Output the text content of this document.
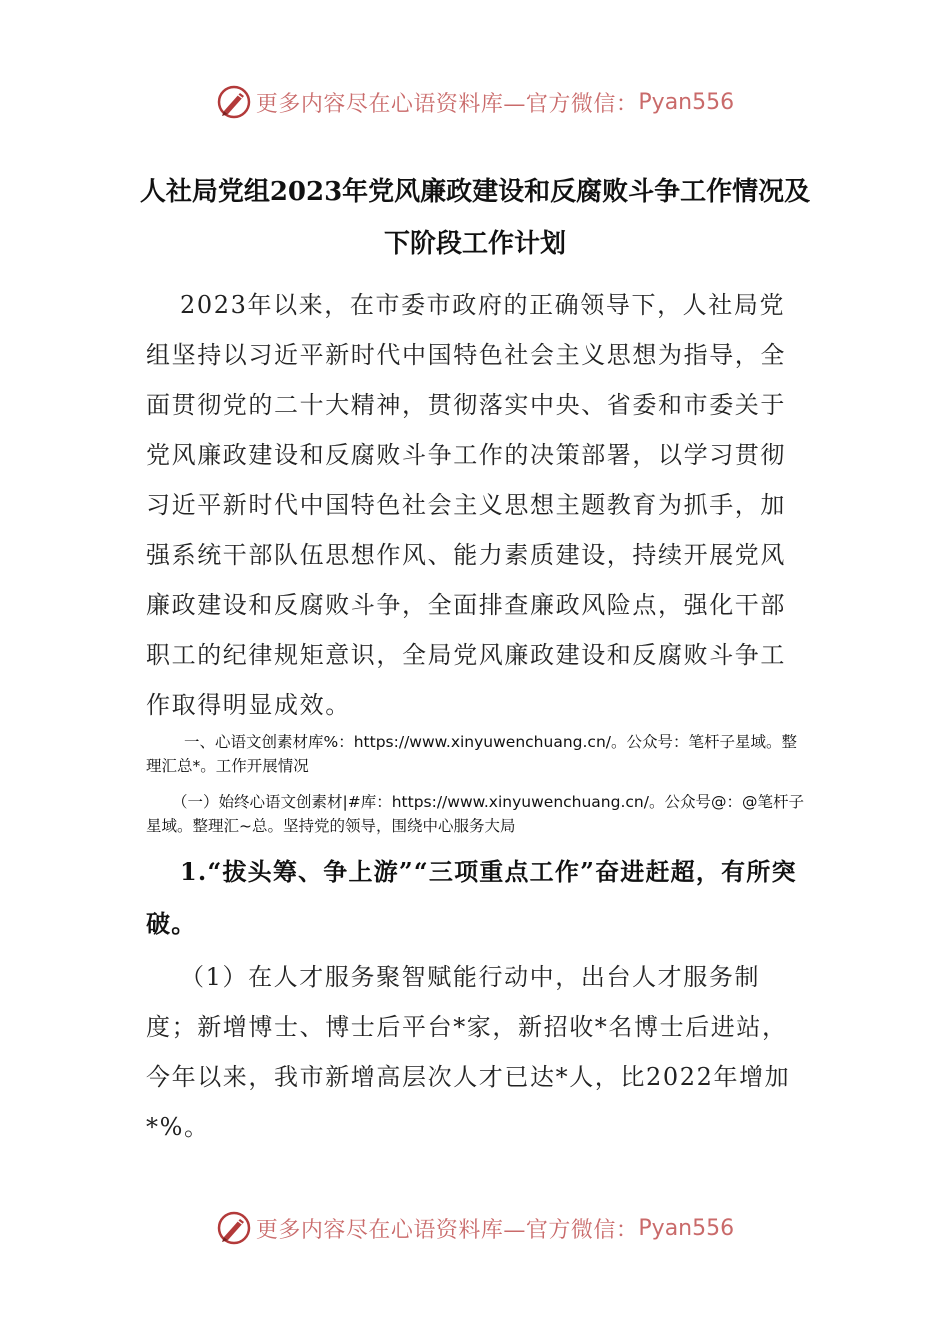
更多内容尽在心语资料库—官方微信： Pyan556
人社局党组2023年党风廉政建设和反腐败斗争工作情况及
下阶段工作计划
2023年以来，在市委市政府的正确领导下，人社局党组坚持以习近平新时代中国特色社会主义思想为指导，全面贯彻党的二十大精神，贯彻落实中央、省委和市委关于党风廉政建设和反腐败斗争工作的决策部署，以学习贯彻习近平新时代中国特色社会主义思想主题教育为抓手，加强系统干部队伍思想作风、能力素质建设，持续开展党风廉政建设和反腐败斗争，全面排查廉政风险点，强化干部职工的纪律规矩意识，全局党风廉政建设和反腐败斗争工作取得明显成效。
一、心语文创素材库%：https://www.xinyuwenchuang.cn/。公众号：笔杆子星域。整理汇总*。工作开展情况
（一）始终心语文创素材|#库：https://www.xinyuwenchuang.cn/。公众号@：@笔杆子星域。整理汇~总。坚持党的领导，围绕中心服务大局
1.“拔头筹、争上游”“三项重点工作”奋进赶超，有所突破。
（1）在人才服务聚智赋能行动中，出台人才服务制度；新增博士、博士后平台*家，新招收*名博士后进站，今年以来，我市新增高层次人才已达*人，比2022年增加*%。
更多内容尽在心语资料库—官方微信： Pyan556
